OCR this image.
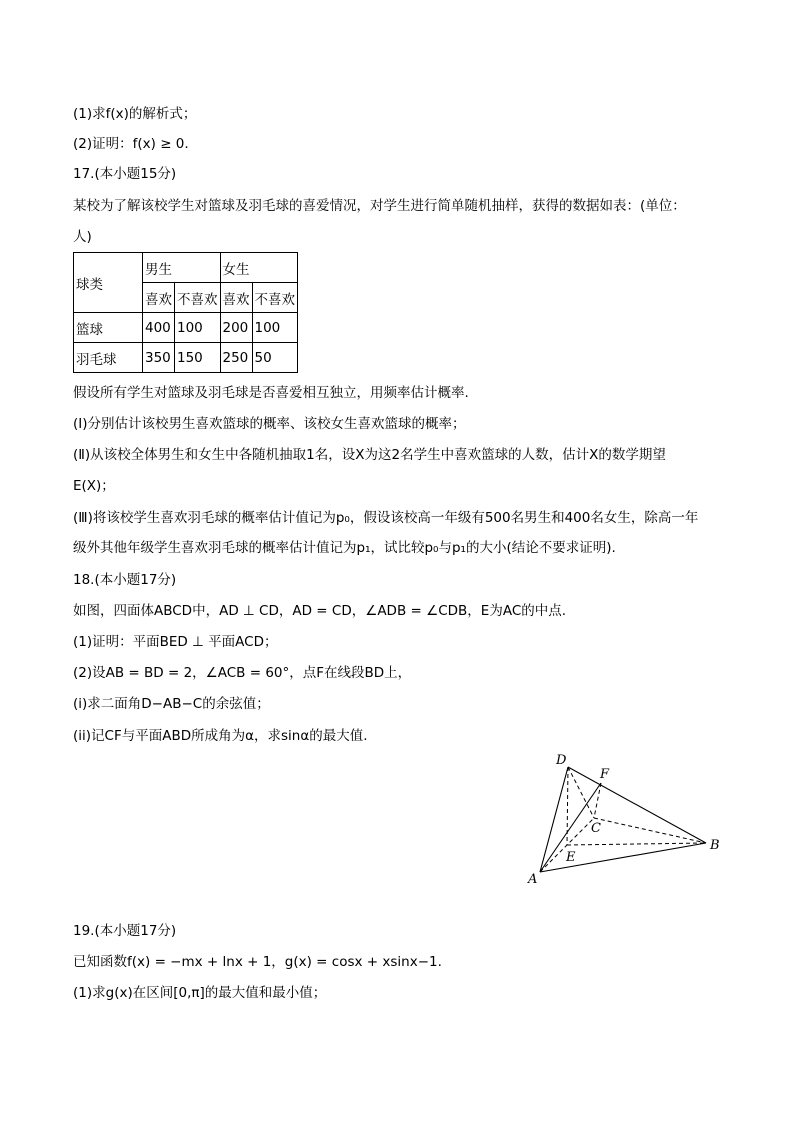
(1)求f(x)的解析式；
(2)证明：f(x) ≥ 0.
17.(本小题15分)
某校为了解该校学生对篮球及羽毛球的喜爱情况，对学生进行简单随机抽样，获得的数据如表：(单位：
人)
球类	男生		女生	
	喜欢	不喜欢	喜欢	不喜欢
篮球	400	100	200	100
羽毛球	350	150	250	50
假设所有学生对篮球及羽毛球是否喜爱相互独立，用频率估计概率.
(Ⅰ)分别估计该校男生喜欢篮球的概率、该校女生喜欢篮球的概率；
(Ⅱ)从该校全体男生和女生中各随机抽取1名，设X为这2名学生中喜欢篮球的人数，估计X的数学期望
E(X)；
(Ⅲ)将该校学生喜欢羽毛球的概率估计值记为p₀，假设该校高一年级有500名男生和400名女生，除高一年
级外其他年级学生喜欢羽毛球的概率估计值记为p₁，试比较p₀与p₁的大小(结论不要求证明).
18.(本小题17分)
如图，四面体ABCD中，AD ⊥ CD，AD = CD，∠ADB = ∠CDB，E为AC的中点.
(1)证明：平面BED ⊥ 平面ACD；
(2)设AB = BD = 2，∠ACB = 60°，点F在线段BD上，
(i)求二面角D−AB−C的余弦值；
(ii)记CF与平面ABD所成角为α，求sinα的最大值.
D
F
C
B
E
A
19.(本小题17分)
已知函数f(x) = −mx + lnx + 1，g(x) = cosx + xsinx−1.
(1)求g(x)在区间[0,π]的最大值和最小值；
